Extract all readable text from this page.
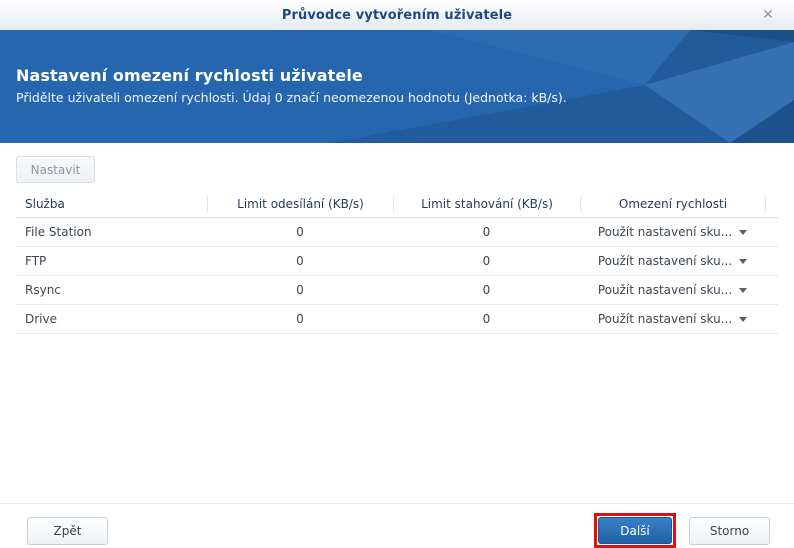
Průvodce vytvořením uživatele	✕
Nastavení omezení rychlosti uživatele

Přidělte uživateli omezení rychlosti. Údaj 0 značí neomezenou hodnotu (Jednotka: kB/s).

Nastavit
Služba	Limit odesílání (KB/s)	Limit stahování (KB/s)	Omezení rychlosti
File Station	0	0	Použít nastavení sku...
FTP	0	0	Použít nastavení sku...
Rsync	0	0	Použít nastavení sku...
Drive	0	0	Použít nastavení sku...
Zpět	Další	Storno
